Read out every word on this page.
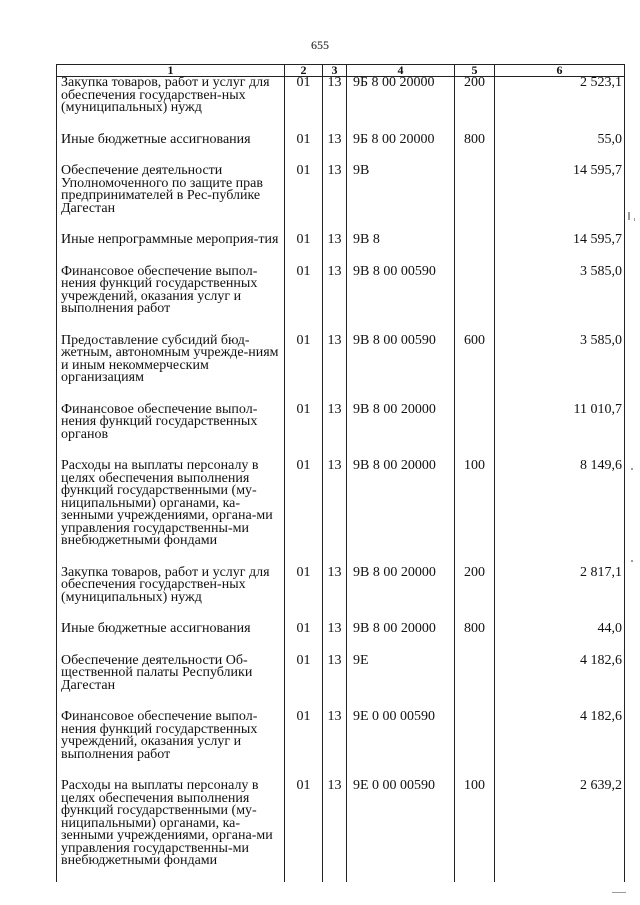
655
1	2	3	4	5	6
Закупка товаров, работ и услуг для обеспечения государствен-ных (муниципальных) нужд	01	13	9Б 8 00 20000	200	2 523,1
Иные бюджетные ассигнования	01	13	9Б 8 00 20000	800	55,0
Обеспечение деятельности Уполномоченного по защите прав предпринимателей в Рес-публике Дагестан	01	13	9В		14 595,7
Иные непрограммные мероприя-тия	01	13	9В 8		14 595,7
Финансовое обеспечение выпол-нения функций государственных учреждений, оказания услуг и выполнения работ	01	13	9В 8 00 00590		3 585,0
Предоставление субсидий бюд-жетным, автономным учрежде-ниям и иным некоммерческим организациям	01	13	9В 8 00 00590	600	3 585,0
Финансовое обеспечение выпол-нения функций государственных органов	01	13	9В 8 00 20000		11 010,7
Расходы на выплаты персоналу в целях обеспечения выполнения функций государственными (му-ниципальными) органами, ка-зенными учреждениями, органа-ми управления государственны-ми внебюджетными фондами	01	13	9В 8 00 20000	100	8 149,6
Закупка товаров, работ и услуг для обеспечения государствен-ных (муниципальных) нужд	01	13	9В 8 00 20000	200	2 817,1
Иные бюджетные ассигнования	01	13	9В 8 00 20000	800	44,0
Обеспечение деятельности Об-щественной палаты Республики Дагестан	01	13	9Е		4 182,6
Финансовое обеспечение выпол-нения функций государственных учреждений, оказания услуг и выполнения работ	01	13	9Е 0 00 00590		4 182,6
Расходы на выплаты персоналу в целях обеспечения выполнения функций государственными (му-ниципальными) органами, ка-зенными учреждениями, органа-ми управления государственны-ми внебюджетными фондами	01	13	9Е 0 00 00590	100	2 639,2
